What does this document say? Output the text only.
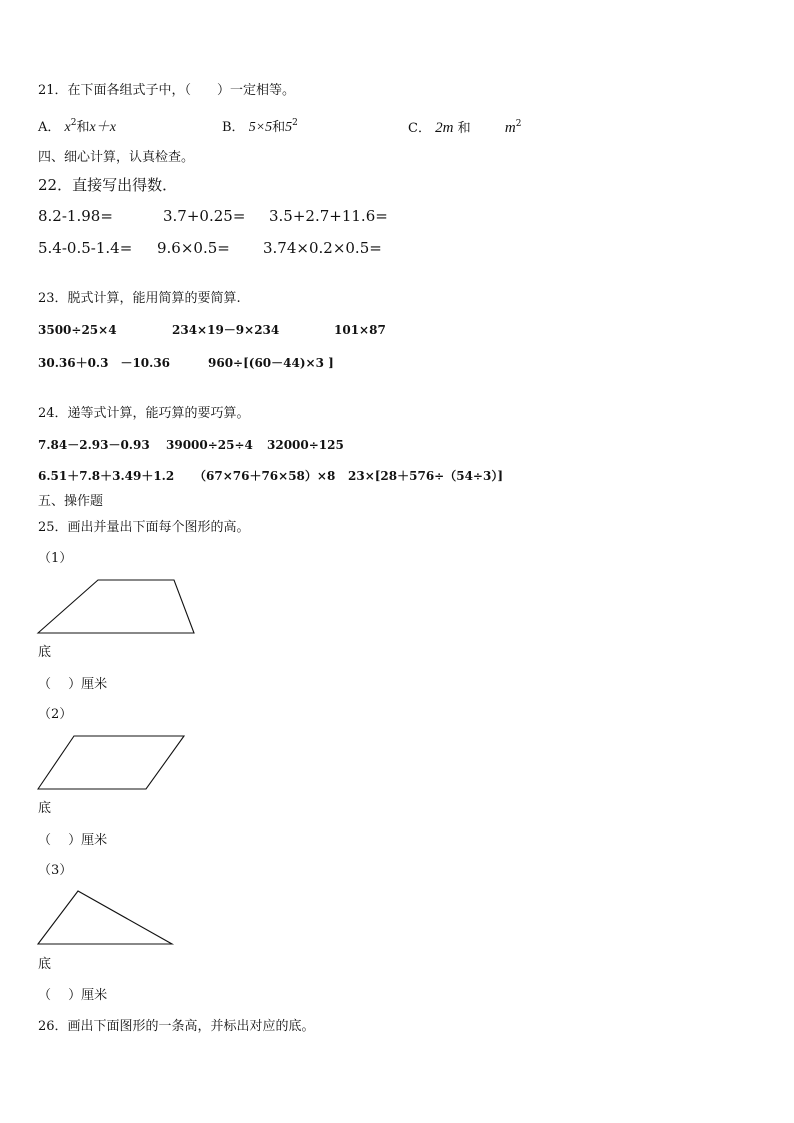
21．在下面各组式子中，（　　）一定相等。
A． $x^2$和x＋x	B． 5×5和$5^2$	C． 2m 和 $m^2$
四、细心计算，认真检查。
22．直接写出得数．
8.2-1.98=	3.7+0.25= 3.5+2.7+11.6=
5.4-0.5-1.4= 9.6×0.5= 3.74×0.2×0.5=
23．脱式计算，能用简算的要简算.
3500÷25×4	234×19－9×234	101×87
30.36＋0.3　－10.36	960÷[(60－44)×3 ]
24．递等式计算，能巧算的要巧算。
7.84－2.93－0.93 39000÷25÷4 32000÷125
6.51＋7.8＋3.49＋1.2 （67×76＋76×58）×8 23×[28＋576÷（54÷3）]
五、操作题
25．画出并量出下面每个图形的高。
（1）
底
（　 ）厘米
（2）
底
（　 ）厘米
（3）
底
（　 ）厘米
26．画出下面图形的一条高，并标出对应的底。
